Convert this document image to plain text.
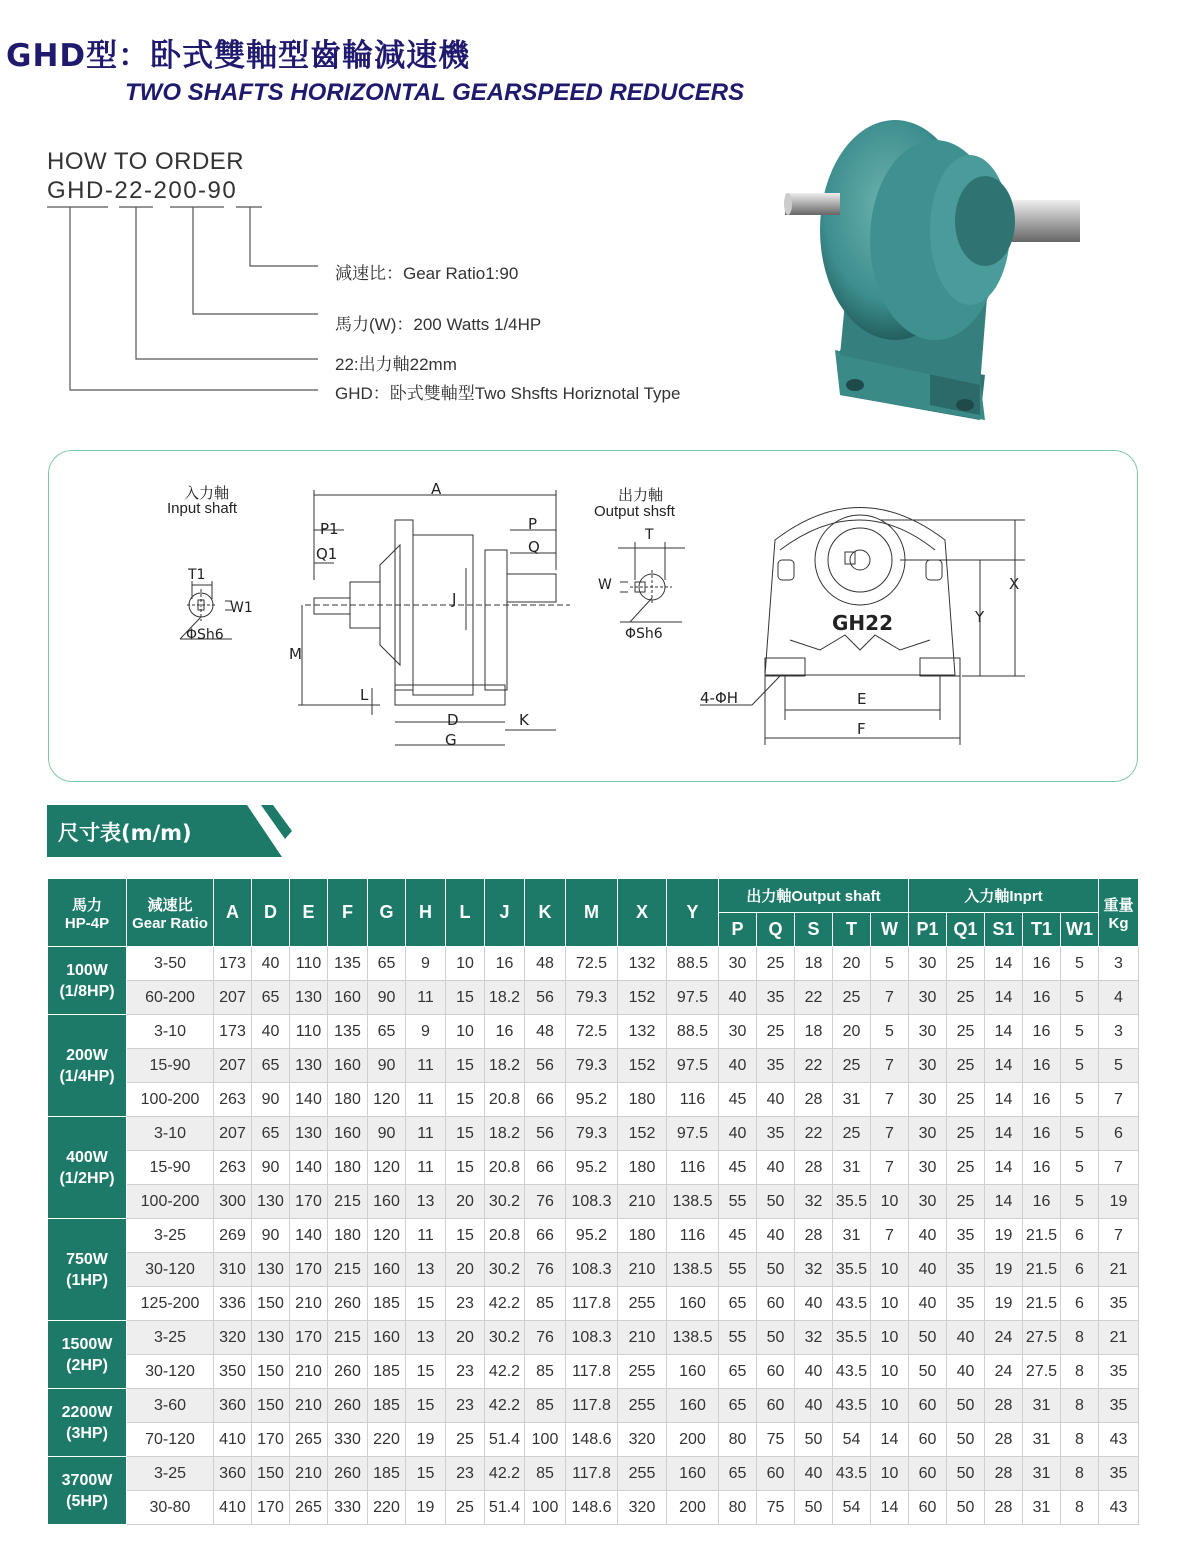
GHD型：卧式雙軸型齒輪減速機
TWO SHAFTS HORIZONTAL GEARSPEED REDUCERS
HOW TO ORDER
GHD-22-200-90
減速比：Gear Ratio1:90
馬力(W)：200 Watts 1/4HP
22:出力軸22mm
GHD：卧式雙軸型Two Shsfts Horiznotal Type
入力軸
Input shaft
T1
W1
ΦSh6
A
P1
Q1
P
Q
J
M
L
D
G
K
出力軸
Output shsft
T
W
ΦSh6	GH22
X
Y
E
F
4-ΦH
尺寸表(m/m)
馬力
HP-4P	減速比
Gear Ratio	A	D	E	F	G	H	L	J	K	M	X	Y	出力軸Output shaft					入力軸Inprt					重量
Kg
														P	Q	S	T	W	P1	Q1	S1	T1	W1	
100W
(1/8HP)	3-50	173	40	110	135	65	9	10	16	48	72.5	132	88.5	30	25	18	20	5	30	25	14	16	5	3
	60-200	207	65	130	160	90	11	15	18.2	56	79.3	152	97.5	40	35	22	25	7	30	25	14	16	5	4
200W
(1/4HP)	3-10	173	40	110	135	65	9	10	16	48	72.5	132	88.5	30	25	18	20	5	30	25	14	16	5	3
	15-90	207	65	130	160	90	11	15	18.2	56	79.3	152	97.5	40	35	22	25	7	30	25	14	16	5	5
	100-200	263	90	140	180	120	11	15	20.8	66	95.2	180	116	45	40	28	31	7	30	25	14	16	5	7
400W
(1/2HP)	3-10	207	65	130	160	90	11	15	18.2	56	79.3	152	97.5	40	35	22	25	7	30	25	14	16	5	6
	15-90	263	90	140	180	120	11	15	20.8	66	95.2	180	116	45	40	28	31	7	30	25	14	16	5	7
	100-200	300	130	170	215	160	13	20	30.2	76	108.3	210	138.5	55	50	32	35.5	10	30	25	14	16	5	19
750W
(1HP)	3-25	269	90	140	180	120	11	15	20.8	66	95.2	180	116	45	40	28	31	7	40	35	19	21.5	6	7
	30-120	310	130	170	215	160	13	20	30.2	76	108.3	210	138.5	55	50	32	35.5	10	40	35	19	21.5	6	21
	125-200	336	150	210	260	185	15	23	42.2	85	117.8	255	160	65	60	40	43.5	10	40	35	19	21.5	6	35
1500W
(2HP)	3-25	320	130	170	215	160	13	20	30.2	76	108.3	210	138.5	55	50	32	35.5	10	50	40	24	27.5	8	21
	30-120	350	150	210	260	185	15	23	42.2	85	117.8	255	160	65	60	40	43.5	10	50	40	24	27.5	8	35
2200W
(3HP)	3-60	360	150	210	260	185	15	23	42.2	85	117.8	255	160	65	60	40	43.5	10	60	50	28	31	8	35
	70-120	410	170	265	330	220	19	25	51.4	100	148.6	320	200	80	75	50	54	14	60	50	28	31	8	43
3700W
(5HP)	3-25	360	150	210	260	185	15	23	42.2	85	117.8	255	160	65	60	40	43.5	10	60	50	28	31	8	35
	30-80	410	170	265	330	220	19	25	51.4	100	148.6	320	200	80	75	50	54	14	60	50	28	31	8	43
